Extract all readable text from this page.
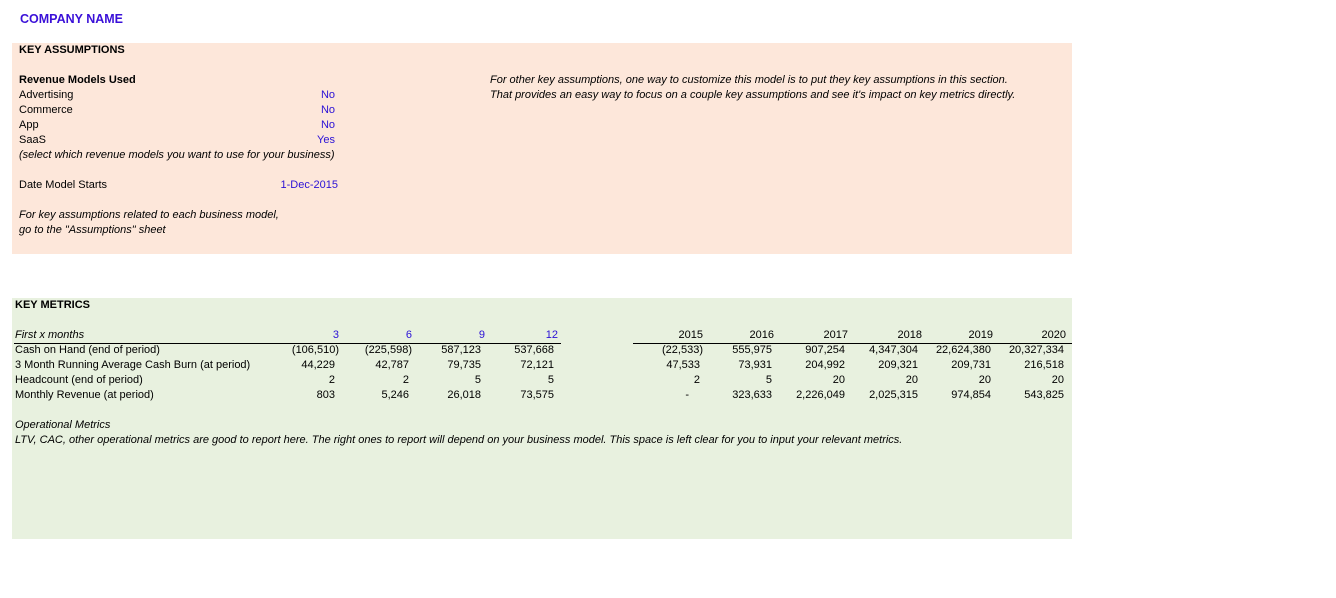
COMPANY NAME
KEY ASSUMPTIONS
Revenue Models Used
Advertising	No
Commerce	No
App	No
SaaS	Yes
(select which revenue models you want to use for your business)
Date Model Starts	1-Dec-2015
For key assumptions related to each business model,
go to the "Assumptions" sheet
For other key assumptions, one way to customize this model is to put they key assumptions in this section.
That provides an easy way to focus on a couple key assumptions and see it's impact on key metrics directly.
KEY METRICS
First x months	3	6	9	12	2015	2016	2017	2018	2019	2020
Cash on Hand (end of period)	(106,510)	(225,598)	587,123	537,668	(22,533)	555,975	907,254	4,347,304	22,624,380	20,327,334
3 Month Running Average Cash Burn (at period)	44,229	42,787	79,735	72,121	47,533	73,931	204,992	209,321	209,731	216,518
Headcount (end of period)	2	2	5	5	2	5	20	20	20	20
Monthly Revenue (at period)	803	5,246	26,018	73,575	-	323,633	2,226,049	2,025,315	974,854	543,825
Operational Metrics
LTV, CAC, other operational metrics are good to report here. The right ones to report will depend on your business model. This space is left clear for you to input your relevant metrics.
